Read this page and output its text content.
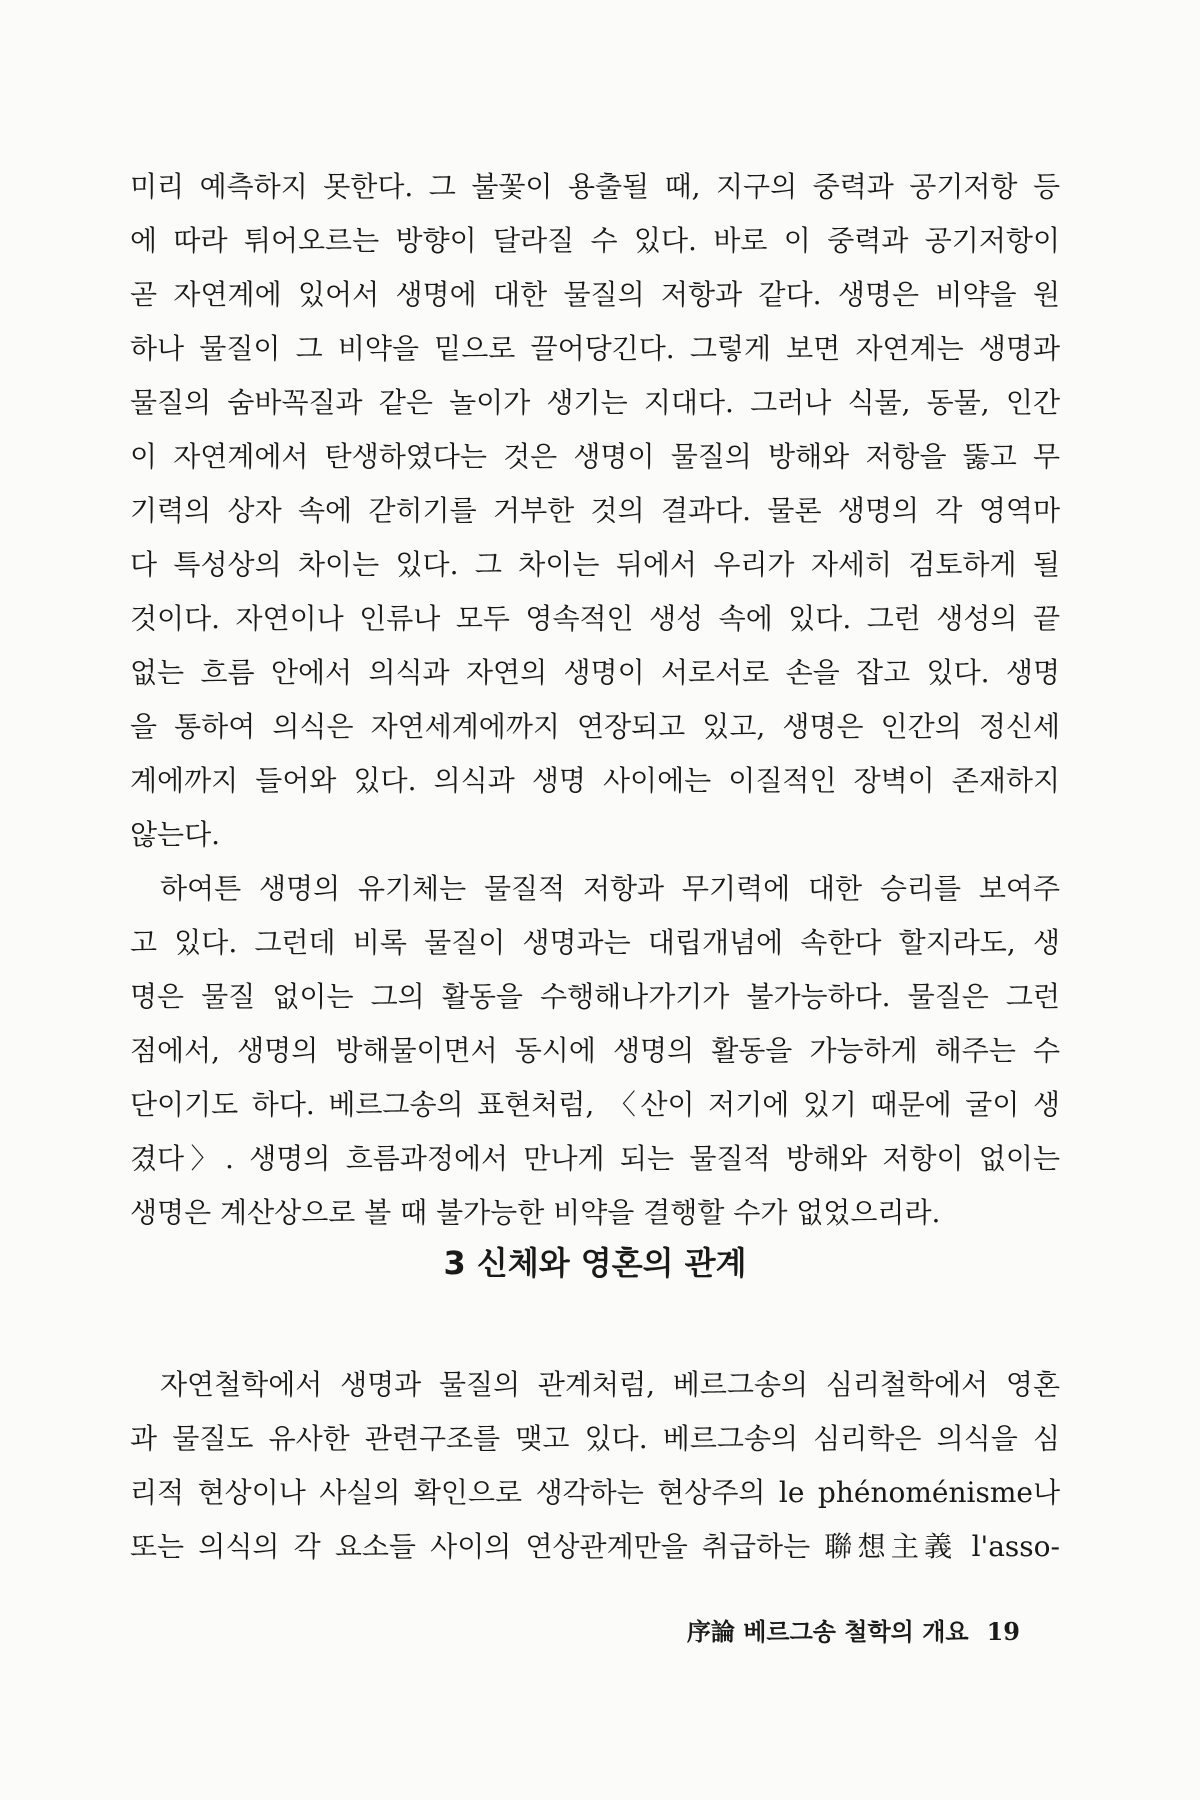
미리 예측하지 못한다. 그 불꽃이 용출될 때, 지구의 중력과 공기저항 등
에 따라 튀어오르는 방향이 달라질 수 있다. 바로 이 중력과 공기저항이
곧 자연계에 있어서 생명에 대한 물질의 저항과 같다. 생명은 비약을 원
하나 물질이 그 비약을 밑으로 끌어당긴다. 그렇게 보면 자연계는 생명과
물질의 숨바꼭질과 같은 놀이가 생기는 지대다. 그러나 식물, 동물, 인간
이 자연계에서 탄생하였다는 것은 생명이 물질의 방해와 저항을 뚫고 무
기력의 상자 속에 갇히기를 거부한 것의 결과다. 물론 생명의 각 영역마
다 특성상의 차이는 있다. 그 차이는 뒤에서 우리가 자세히 검토하게 될
것이다. 자연이나 인류나 모두 영속적인 생성 속에 있다. 그런 생성의 끝
없는 흐름 안에서 의식과 자연의 생명이 서로서로 손을 잡고 있다. 생명
을 통하여 의식은 자연세계에까지 연장되고 있고, 생명은 인간의 정신세
계에까지 들어와 있다. 의식과 생명 사이에는 이질적인 장벽이 존재하지
않는다.
하여튼 생명의 유기체는 물질적 저항과 무기력에 대한 승리를 보여주
고 있다. 그런데 비록 물질이 생명과는 대립개념에 속한다 할지라도, 생
명은 물질 없이는 그의 활동을 수행해나가기가 불가능하다. 물질은 그런
점에서, 생명의 방해물이면서 동시에 생명의 활동을 가능하게 해주는 수
단이기도 하다. 베르그송의 표현처럼, 〈산이 저기에 있기 때문에 굴이 생
겼다〉. 생명의 흐름과정에서 만나게 되는 물질적 방해와 저항이 없이는
생명은 계산상으로 볼 때 불가능한 비약을 결행할 수가 없었으리라.
3 신체와 영혼의 관계
자연철학에서 생명과 물질의 관계처럼, 베르그송의 심리철학에서 영혼
과 물질도 유사한 관련구조를 맺고 있다. 베르그송의 심리학은 의식을 심
리적 현상이나 사실의 확인으로 생각하는 현상주의 le phénoménisme나
또는 의식의 각 요소들 사이의 연상관계만을 취급하는 聯想主義 l'asso-
序論 베르그송 철학의 개요 19
